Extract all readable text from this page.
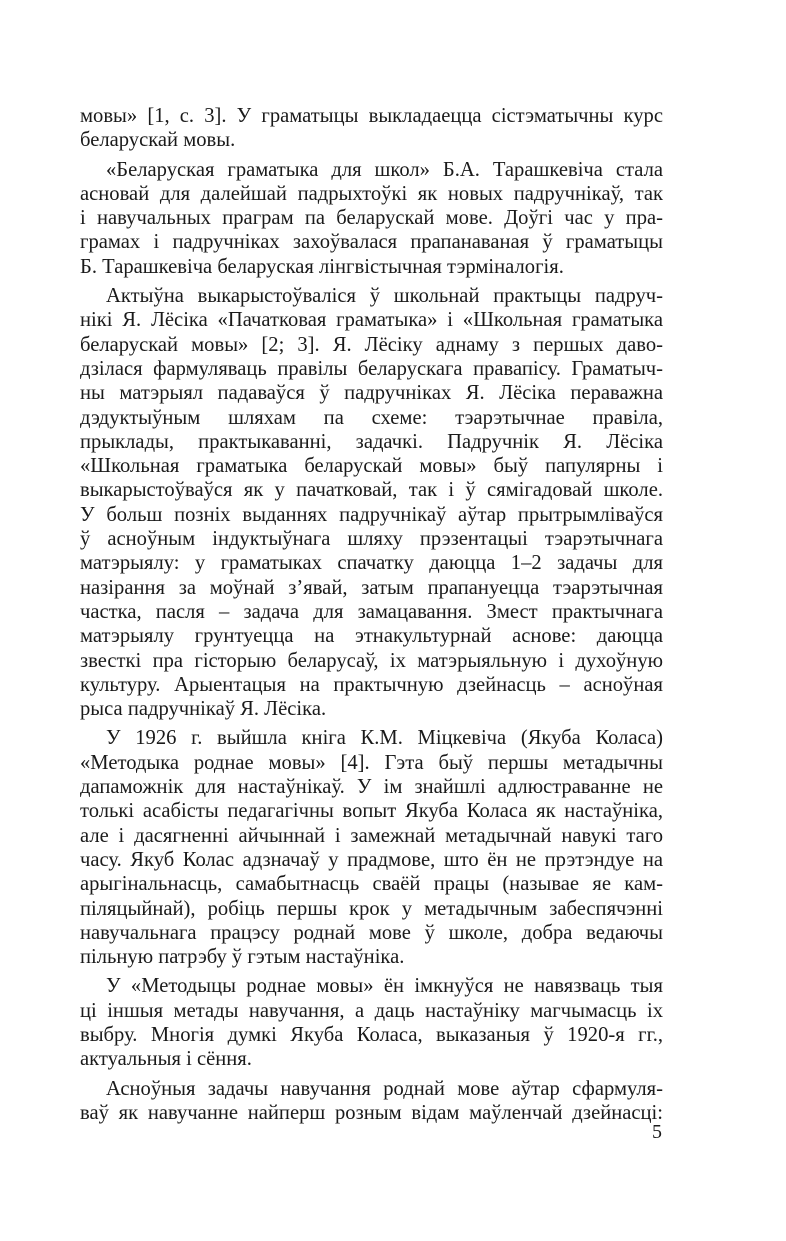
мовы» [1, с. 3]. У граматыцы выкладаецца сістэматычны курс
беларускай мовы.
«Беларуская граматыка для школ» Б.А. Тарашкевіча стала
асновай для далейшай падрыхтоўкі як новых падручнікаў, так
і навучальных праграм па беларускай мове. Доўгі час у пра-
грамах і падручніках захоўвалася прапанаваная ў граматыцы
Б. Тарашкевіча беларуская лінгвістычная тэрміналогія.
Актыўна выкарыстоўваліся ў школьнай практыцы падруч-
нікі Я. Лёсіка «Пачатковая граматыка» і «Школьная граматыка
беларускай мовы» [2; 3]. Я. Лёсіку аднаму з першых даво-
дзілася фармуляваць правілы беларускага правапісу. Граматыч-
ны матэрыял падаваўся ў падручніках Я. Лёсіка пераважна
дэдуктыўным шляхам па схеме: тэарэтычнае правіла,
прыклады, практыкаванні, задачкі. Падручнік Я. Лёсіка
«Школьная граматыка беларускай мовы» быў папулярны і
выкарыстоўваўся як у пачатковай, так і ў сямігадовай школе.
У больш позніх выданнях падручнікаў аўтар прытрымліваўся
ў асноўным індуктыўнага шляху прэзентацыі тэарэтычнага
матэрыялу: у граматыках спачатку даюцца 1–2 задачы для
назірання за моўнай з’явай, затым прапануецца тэарэтычная
частка, пасля – задача для замацавання. Змест практычнага
матэрыялу грунтуецца на этнакультурнай аснове: даюцца
звесткі пра гісторыю беларусаў, іх матэрыяльную і духоўную
культуру. Арыентацыя на практычную дзейнасць – асноўная
рыса падручнікаў Я. Лёсіка.
У 1926 г. выйшла кніга К.М. Міцкевіча (Якуба Коласа)
«Методыка роднае мовы» [4]. Гэта быў першы метадычны
дапаможнік для настаўнікаў. У ім знайшлі адлюстраванне не
толькі асабісты педагагічны вопыт Якуба Коласа як настаўніка,
але і дасягненні айчыннай і замежнай метадычнай навукі таго
часу. Якуб Колас адзначаў у прадмове, што ён не прэтэндуе на
арыгінальнасць, самабытнасць сваёй працы (называе яе кам-
піляцыйнай), робіць першы крок у метадычным забеспячэнні
навучальнага працэсу роднай мове ў школе, добра ведаючы
пільную патрэбу ў гэтым настаўніка.
У «Методыцы роднае мовы» ён імкнуўся не навязваць тыя
ці іншыя метады навучання, а даць настаўніку магчымасць іх
выбру. Многія думкі Якуба Коласа, выказаныя ў 1920-я гг.,
актуальныя і сёння.
Асноўныя задачы навучання роднай мове аўтар сфармуля-
ваў як навучанне найперш розным відам маўленчай дзейнасці:
5
